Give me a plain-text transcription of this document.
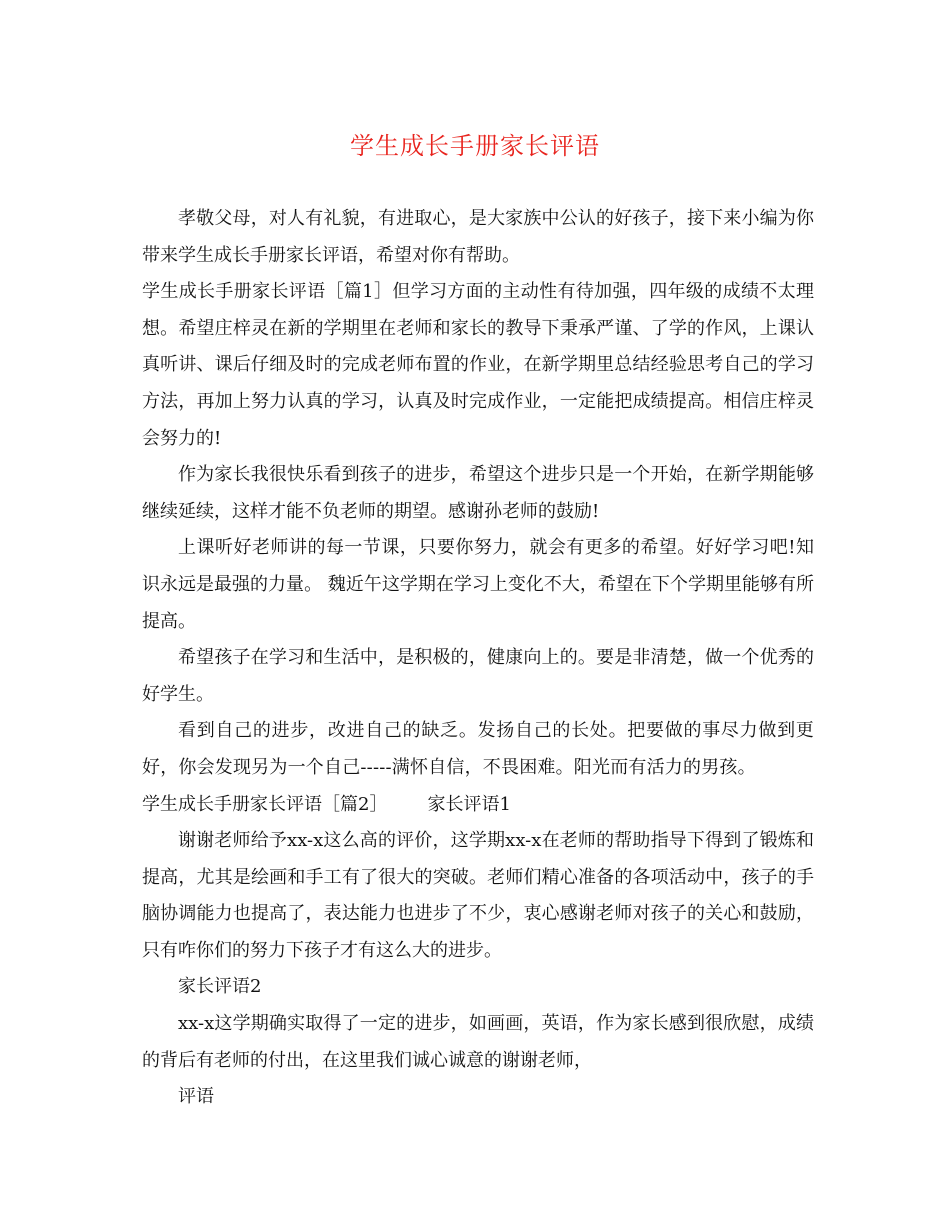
学生成长手册家长评语

孝敬父母，对人有礼貌，有进取心，是大家族中公认的好孩子，接下来小编为你带来学生成长手册家长评语，希望对你有帮助。

学生成长手册家长评语［篇1］但学习方面的主动性有待加强，四年级的成绩不太理想。希望庄梓灵在新的学期里在老师和家长的教导下秉承严谨、了学的作风，上课认真听讲、课后仔细及时的完成老师布置的作业，在新学期里总结经验思考自己的学习方法，再加上努力认真的学习，认真及时完成作业，一定能把成绩提高。相信庄梓灵会努力的!

作为家长我很快乐看到孩子的进步，希望这个进步只是一个开始，在新学期能够继续延续，这样才能不负老师的期望。感谢孙老师的鼓励!

上课听好老师讲的每一节课，只要你努力，就会有更多的希望。好好学习吧!知识永远是最强的力量。 魏近午这学期在学习上变化不大，希望在下个学期里能够有所提高。

希望孩子在学习和生活中，是积极的，健康向上的。要是非清楚，做一个优秀的好学生。

看到自己的进步，改进自己的缺乏。发扬自己的长处。把要做的事尽力做到更好，你会发现另为一个自己-----满怀自信，不畏困难。阳光而有活力的男孩。

学生成长手册家长评语［篇2］ 家长评语1

谢谢老师给予xx-x这么高的评价，这学期xx-x在老师的帮助指导下得到了锻炼和提高，尤其是绘画和手工有了很大的突破。老师们精心准备的各项活动中，孩子的手脑协调能力也提高了，表达能力也进步了不少，衷心感谢老师对孩子的关心和鼓励，只有咋你们的努力下孩子才有这么大的进步。

家长评语2

xx-x这学期确实取得了一定的进步，如画画，英语，作为家长感到很欣慰，成绩的背后有老师的付出，在这里我们诚心诚意的谢谢老师，

评语
